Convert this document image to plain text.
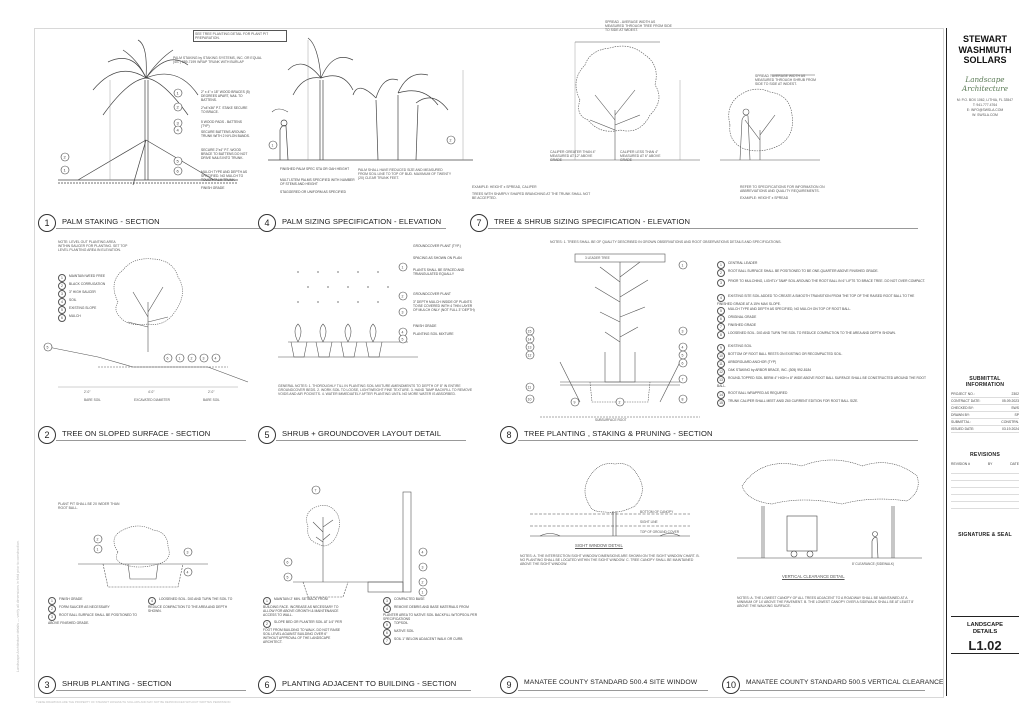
Landscape Architecture details — verify all dimensions in field prior to construction.
1
2
3
4
5
6
2
1
SEE TREE PLANTING DETAIL FOR PLANT PIT PREPARATION.
PALM STAKING by STAKING SYSTEMS, INC. OR EQUAL (407) 889-7199 WRAP TRUNK WITH BURLAP
2" x 4" x 18" WOOD BRACES (5) DEGREES APART, NAIL TO BATTENS.
2"x4"x36" P.T. STAKE SECURE TO BRACE.
5 WOOD PADS - BATTENS (TYP)
SECURE BATTENS AROUND TRUNK WITH 2 NYLON BANDS.
SECURE 2"x4" P.T. WOOD BRACE TO BATTENS DO NOT DRIVE NAILS INTO TRUNK.
MULCH TYPE AND DEPTH AS SPECIFIED. NO MULCH TO TOUCH PALM TRUNK.
FINISH GRADE
1	PALM STAKING - SECTION
1
2
FINISHED PALM SPEC STA OR OAH HEIGHT
MULTI-STEM PALMS SPECIFIED WITH NUMBER OF STEMS AND HEIGHT
STAGGERED OR UNIFORM AS SPECIFIED
PALM SHALL HAVE REDUCED SIZE AND MEASURED FROM SOIL LINE TO TOP OF BUD. MAXIMUM OF TWENTY (20) CLEAR TRUNK FEET.
4	PALM SIZING SPECIFICATION - ELEVATION
SPREAD - AVERAGE WIDTH AS MEASURED THROUGH TREE FROM SIDE TO SIDE AT WIDEST.
SPREAD - AVERAGE WIDTH AS MEASURED THROUGH SHRUB FROM SIDE TO SIDE AT WIDEST.
CALIPER GREATER THAN 4" MEASURED AT 12" ABOVE GRADE
CALIPER LESS THAN 4" MEASURED AT 6" ABOVE GRADE
EXAMPLE: HEIGHT x SPREAD, CALIPER
TREES WITH SHARPLY SHAPED BRANCHING AT THE TRUNK SHALL NOT BE ACCEPTED.
REFER TO SPECIFICATIONS FOR INFORMATION ON ABBREVIATIONS AND QUALITY REQUIREMENTS.
EXAMPLE: HEIGHT x SPREAD
7	TREE & SHRUB SIZING SPECIFICATION - ELEVATION
5
6	1	2	3	4
NOTE: LEVEL OUT PLANTING AREA WITHIN SAUCER FOR PLANTING. SET TOP LEVEL PLANTING AREA IN ELEVATION.
1 MAINTAIN WEED FREE
2 BLACK CORRUGATION
3 3" HIGH SAUCER
4 SOIL
5 EXISTING SLOPE
6 MULCH
2'-0"	4'-0"	2'-0"
BARE SOIL	EXCAVATED DIAMETER	BARE SOIL
2	TREE ON SLOPED SURFACE - SECTION
1
2
3
4
5
GROUNDCOVER PLANT (TYP.)
SPACING AS SHOWN ON PLAN
PLANTS SHALL BE SPACED AND TRIANGULATED EQUALLY
GROUNDCOVER PLANT
3" DEPTH MULCH INSIDE OF PLANTS TO BE COVERED WITH 4 THIN LAYER OF MULCH ONLY (NOT FULL 3" DEPTH)
FINISH GRADE
PLANTING SOIL MIXTURE
GENERAL NOTES: 1. THOROUGHLY TILL IN PLANTING SOIL MIXTURE AMENDMENTS TO DEPTH OF 8" IN ENTIRE GROUNDCOVER BEDS. 2. WORK SOIL TO LOOSE, LIGHTWEIGHT FINE TEXTURE. 3. HAND TAMP BACKFILL TO REMOVE VOIDS AND AIR POCKETS. 4. WATER IMMEDIATELY AFTER PLANTING UNTIL NO MORE WATER IS ABSORBED.
5	SHRUB + GROUNDCOVER LAYOUT DETAIL
1
15
14
13
12
11
10
3
4
5
6
7
8
2
9
NOTES: 1. TREES SHALL BE OF QUALITY DESCRIBED IN GROWN OBSERVATIONS AND ROOT OBSERVATIONS DETAILS AND SPECIFICATIONS.
3 LEADER TREE
SUBSURFACE ROOT
1 CENTRAL LEADER
2 ROOT BALL SURFACE SHALL BE POSITIONED TO BE ONE-QUARTER ABOVE FINISHED GRADE.
3 PRIOR TO MULCHING, LIGHTLY TAMP SOIL AROUND THE ROOT BALL IN 6" LIFTS TO BRACE TREE. DO NOT OVER COMPACT.
4 EXISTING SITE SOIL ADDED TO CREATE A SMOOTH TRANSITION FROM THE TOP OF THE RAISED ROOT BALL TO THE FINISHED GRADE AT A 15% MAX SLOPE.
5 MULCH TYPE AND DEPTH AS SPECIFIED, NO MULCH ON TOP OF ROOT BALL.
6 ORIGINAL GRADE
7 FINISHED GRADE
8 LOOSENED SOIL. DIG AND TURN THE SOIL TO REDUCE COMPACTION TO THE AREA AND DEPTH SHOWN.
9 EXISTING SOIL
10 BOTTOM OF ROOT BALL RESTS ON EXISTING OR RECOMPACTED SOIL.
11 ARBORGUARD ANCHOR (TYP)
12 OAK STAKING by ARBOR BRACE, INC. (305) 992-8184
13 ROUND-TOPPED SOIL BERM 4" HIGH x 8" WIDE ABOVE ROOT BALL SURFACE SHALL BE CONSTRUCTED AROUND THE ROOT BALL.
14 ROOT BALL WRAPPED AS REQUIRED
15 TRUNK CALIPER SHALL MEET ANSI Z60 CURRENT EDITION FOR ROOT BALL SIZE.
8	TREE PLANTING , STAKING & PRUNING - SECTION
2
1
3
4
PLANT PIT SHALL BE 2X WIDER THAN ROOT BALL.
1 FINISH GRADE
2 FORM SAUCER AS NECESSARY
3 ROOT BALL SURFACE SHALL BE POSITIONED TO ABOVE FINISHED GRADE.
4 LOOSENED SOIL. DIG AND TURN THE SOIL TO REDUCE COMPACTION TO THE AREA AND DEPTH SHOWN.
3	SHRUB PLANTING - SECTION
7
6
5
4
3
2
1
1 MAINTAIN 2' MIN. SETBACK FROM BUILDING FACE. INCREASE AS NECESSARY TO ALLOW FOR ABOVE GROWTH & MAINTENANCE ACCESS TO WALL.
2 SLOPE BED OR PLANTER SOIL AT 1/4" PER FOOT FROM BUILDING TO WALK. DO NOT RAISE SOIL LEVEL AGAINST BUILDING OVER 6" WITHOUT APPROVAL OF THE LANDSCAPE ARCHITECT.
3 COMPACTED BASE
4 REMOVE DEBRIS AND BASE MATERIALS FROM PLANTER AREA TO NATIVE SOIL BACKFILL W/TOPSOIL PER SPECIFICATIONS
5 TOPSOIL
6 NATIVE SOIL
7 SOIL 1" BELOW ADJACENT WALK OR CURB
6	PLANTING ADJACENT TO BUILDING - SECTION
BOTTOM OF CANOPY
SIGHT LINE
TOP OF GROUND COVER
SIGHT WINDOW DETAIL
NOTES: A. THE INTERSECTION SIGHT WINDOW DIMENSIONS ARE SHOWN ON THE SIGHT WINDOW CHART. B. NO PLANTING SHALL BE LOCATED WITHIN THE SIGHT WINDOW. C. TREE CANOPY SHALL BE MAINTAINED ABOVE THE SIGHT WINDOW.
9	MANATEE COUNTY STANDARD 500.4 SITE WINDOW
8' CLEARANCE (SIDEWALK)
VERTICAL CLEARANCE DETAIL
NOTES: A. THE LOWEST CANOPY OF ALL TREES ADJACENT TO A ROADWAY SHALL BE MAINTAINED AT A MINIMUM OF 14' ABOVE THE PAVEMENT. B. THE LOWEST CANOPY OVER A SIDEWALK SHALL BE AT LEAST 8' ABOVE THE WALKING SURFACE.
10	MANATEE COUNTY STANDARD 500.5 VERTICAL CLEARANCE
STEWART
WASHMUTH
SOLLARS
Landscape
Architecture
M: P.O. BOX 1062, LITHIA, FL 33547
T: 941.777.4764
E: INFO@SWSLA.COM
W: SWSLA.COM
SUBMITTAL
INFORMATION
PROJECT NO.:	2302
CONTRACT DATE:	05.09.2023
CHECKED BY:	SWS
DRAWN BY:	SP
SUBMITTAL:	CONSTRN.
ISSUED DATE:	03.19.2024
REVISIONS
REVISION #	BY	DATE
SIGNATURE & SEAL
LANDSCAPE
DETAILS
L1.02
THESE DRAWINGS ARE THE PROPERTY OF STEWART WASHMUTH SOLLARS AND MAY NOT BE REPRODUCED WITHOUT WRITTEN PERMISSION
